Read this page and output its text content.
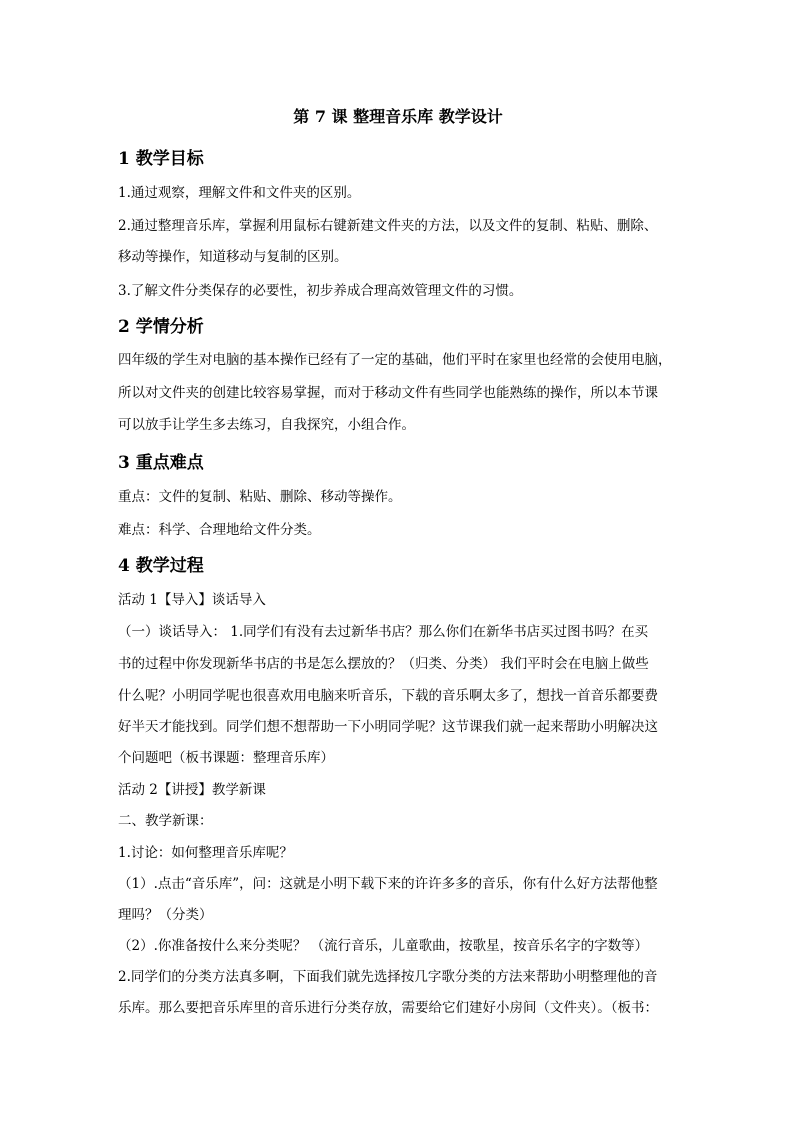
第 7 课 整理音乐库 教学设计
1 教学目标
1.通过观察，理解文件和文件夹的区别。
2.通过整理音乐库，掌握利用鼠标右键新建文件夹的方法，以及文件的复制、粘贴、删除、
移动等操作，知道移动与复制的区别。
3.了解文件分类保存的必要性，初步养成合理高效管理文件的习惯。
2 学情分析
四年级的学生对电脑的基本操作已经有了一定的基础，他们平时在家里也经常的会使用电脑，
所以对文件夹的创建比较容易掌握，而对于移动文件有些同学也能熟练的操作，所以本节课
可以放手让学生多去练习，自我探究，小组合作。
3 重点难点
重点：文件的复制、粘贴、删除、移动等操作。
难点：科学、合理地给文件分类。
4 教学过程
活动 1【导入】谈话导入
（一）谈话导入： 1.同学们有没有去过新华书店？那么你们在新华书店买过图书吗？在买
书的过程中你发现新华书店的书是怎么摆放的？（归类、分类） 我们平时会在电脑上做些
什么呢？小明同学呢也很喜欢用电脑来听音乐，下载的音乐啊太多了，想找一首音乐都要费
好半天才能找到。同学们想不想帮助一下小明同学呢？这节课我们就一起来帮助小明解决这
个问题吧（板书课题：整理音乐库）
活动 2【讲授】教学新课
二、教学新课：
1.讨论：如何整理音乐库呢？
（1）.点击“音乐库”，问：这就是小明下载下来的许许多多的音乐，你有什么好方法帮他整
理吗？（分类）
（2）.你准备按什么来分类呢？ （流行音乐，儿童歌曲，按歌星，按音乐名字的字数等）
2.同学们的分类方法真多啊，下面我们就先选择按几字歌分类的方法来帮助小明整理他的音
乐库。那么要把音乐库里的音乐进行分类存放，需要给它们建好小房间（文件夹）。（板书：
